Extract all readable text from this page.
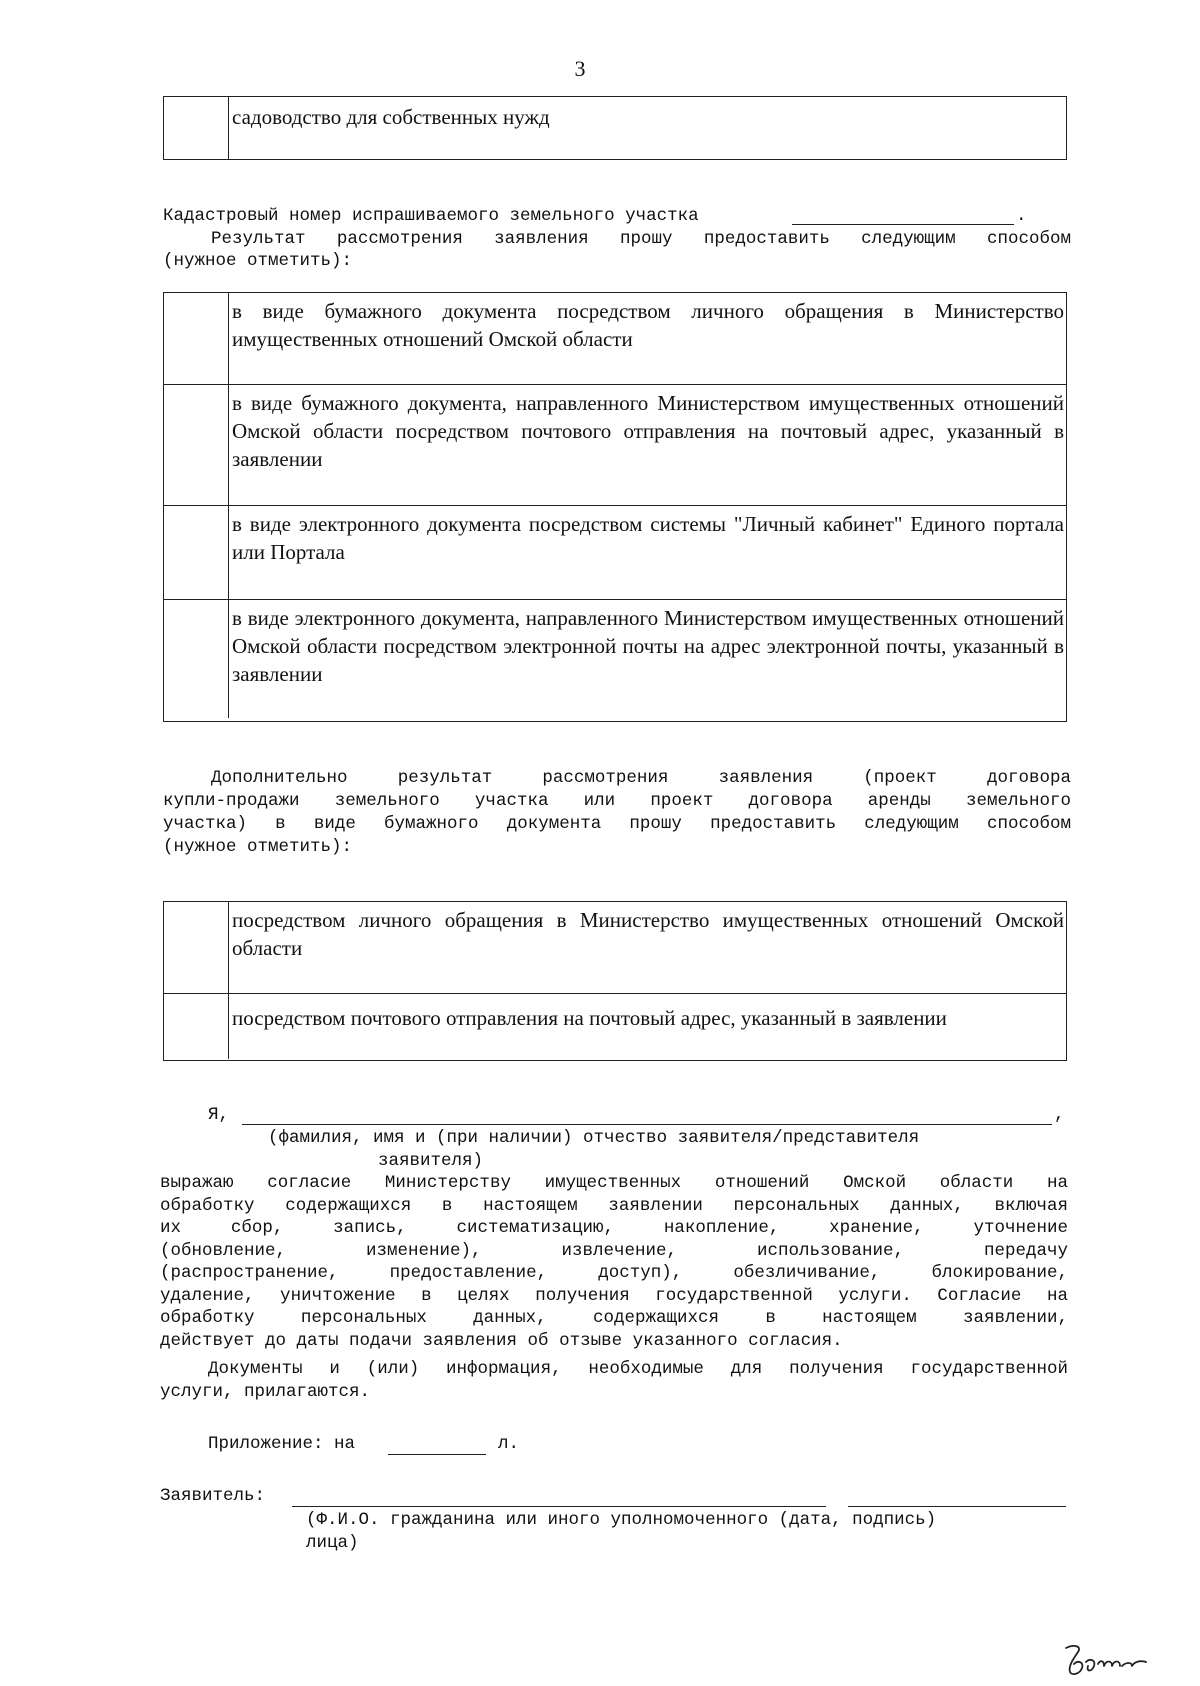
3
садоводство для собственных нужд
Кадастровый номер испрашиваемого земельного участка	.
Результат рассмотрения заявления прошу предоставить следующим способом
(нужное отметить):
в виде бумажного документа посредством личного обращения в Министерство имущественных отношений Омской области
в виде бумажного документа, направленного Министерством имущественных отношений Омской области посредством почтового отправления на почтовый адрес, указанный в заявлении
в виде электронного документа посредством системы "Личный кабинет" Единого портала или Портала
в виде электронного документа, направленного Министерством имущественных отношений Омской области посредством электронной почты на адрес электронной почты, указанный в заявлении
Дополнительно результат рассмотрения заявления (проект договора
купли-продажи земельного участка или проект договора аренды земельного
участка) в виде бумажного документа прошу предоставить следующим способом
(нужное отметить):
посредством личного обращения в Министерство имущественных отношений Омской области
посредством почтового отправления на почтовый адрес, указанный в заявлении
Я,	,
(фамилия, имя и (при наличии) отчество заявителя/представителя
заявителя)

выражаю согласие Министерству имущественных отношений Омской области на

обработку содержащихся в настоящем заявлении персональных данных, включая

их сбор, запись, систематизацию, накопление, хранение, уточнение

(обновление, изменение), извлечение, использование, передачу

(распространение, предоставление, доступ), обезличивание, блокирование,

удаление, уничтожение в целях получения государственной услуги. Согласие на

обработку персональных данных, содержащихся в настоящем заявлении,

действует до даты подачи заявления об отзыве указанного согласия.

Документы и (или) информация, необходимые для получения государственной
услуги, прилагаются.
Приложение: на	л.
Заявитель:
(Ф.И.О. гражданина или иного уполномоченного (дата, подпись)
лица)
